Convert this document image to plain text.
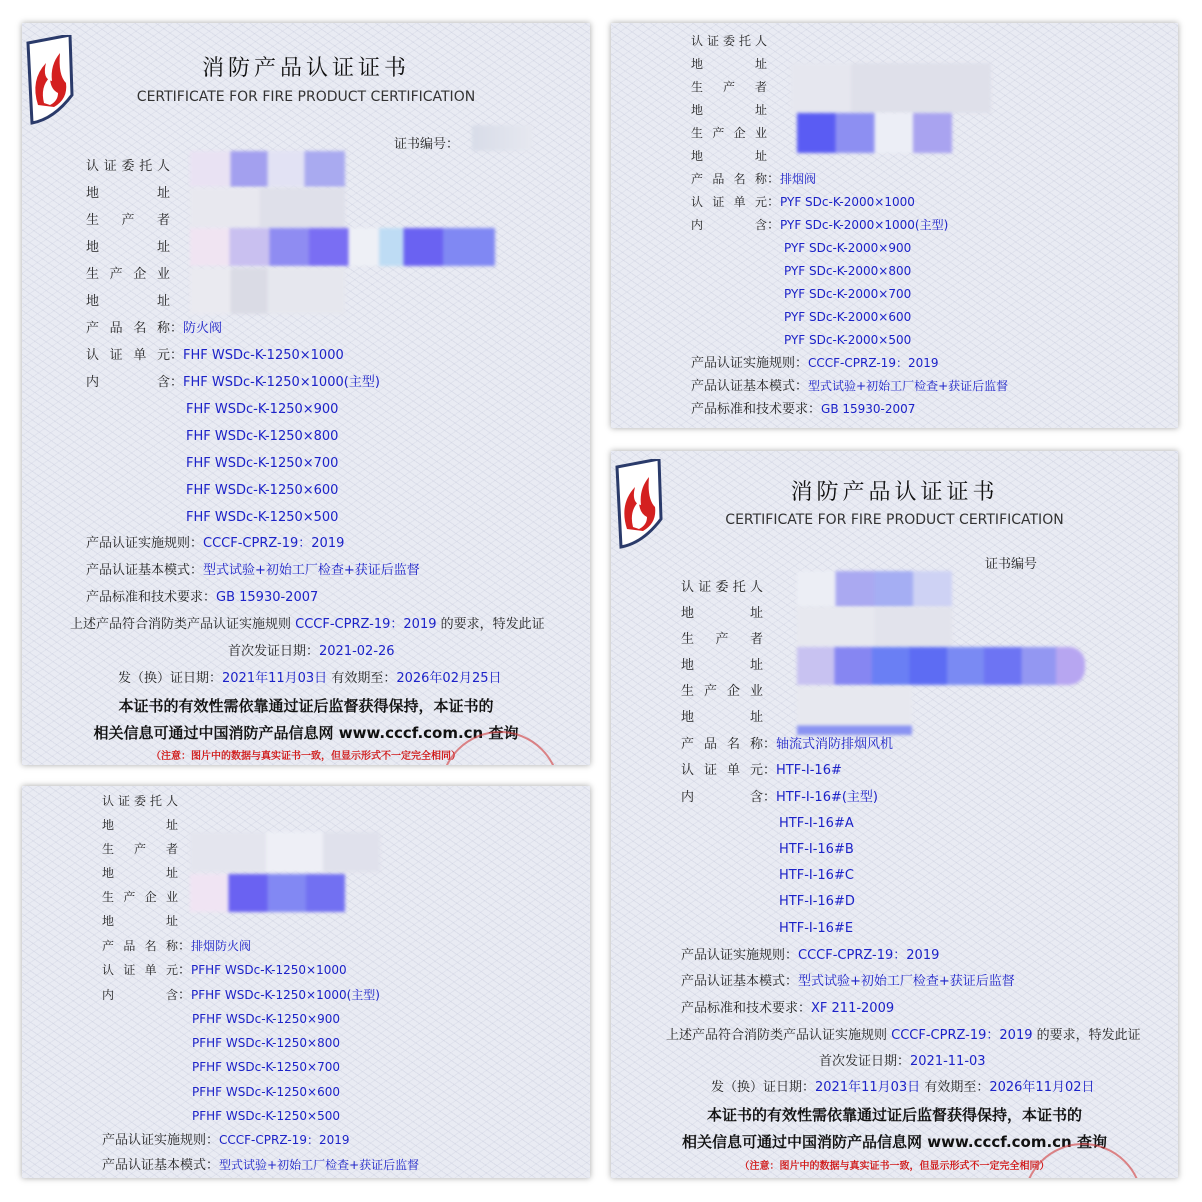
消防产品认证证书
CERTIFICATE FOR FIRE PRODUCT CERTIFICATION
证书编号：
认证委托人
地址
生产者
地址
生产企业
地址
产品名称：防火阀
认证单元：FHF WSDc-K-1250×1000
内含：FHF WSDc-K-1250×1000(主型)
FHF WSDc-K-1250×900
FHF WSDc-K-1250×800
FHF WSDc-K-1250×700
FHF WSDc-K-1250×600
FHF WSDc-K-1250×500
产品认证实施规则：CCCF-CPRZ-19：2019
产品认证基本模式：型式试验+初始工厂检查+获证后监督
产品标准和技术要求：GB 15930-2007
上述产品符合消防类产品认证实施规则 CCCF-CPRZ-19：2019 的要求，特发此证
首次发证日期：2021-02-26
发（换）证日期：2021年11月03日 有效期至：2026年02月25日
本证书的有效性需依靠通过证后监督获得保持，本证书的
相关信息可通过中国消防产品信息网 www.cccf.com.cn 查询
（注意：图片中的数据与真实证书一致，但显示形式不一定完全相同）
认证委托人
地址
生产者
地址
生产企业
地址
产品名称：排烟阀
认证单元：PYF SDc-K-2000×1000
内含：PYF SDc-K-2000×1000(主型)
PYF SDc-K-2000×900
PYF SDc-K-2000×800
PYF SDc-K-2000×700
PYF SDc-K-2000×600
PYF SDc-K-2000×500
产品认证实施规则：CCCF-CPRZ-19：2019
产品认证基本模式：型式试验+初始工厂检查+获证后监督
产品标准和技术要求：GB 15930-2007
认证委托人
地址
生产者
地址
生产企业
地址
产品名称：排烟防火阀
认证单元：PFHF WSDc-K-1250×1000
内含：PFHF WSDc-K-1250×1000(主型)
PFHF WSDc-K-1250×900
PFHF WSDc-K-1250×800
PFHF WSDc-K-1250×700
PFHF WSDc-K-1250×600
PFHF WSDc-K-1250×500
产品认证实施规则：CCCF-CPRZ-19：2019
产品认证基本模式：型式试验+初始工厂检查+获证后监督
消防产品认证证书
CERTIFICATE FOR FIRE PRODUCT CERTIFICATION
证书编号
认证委托人
地址
生产者
地址
生产企业
地址
产品名称：轴流式消防排烟风机
认证单元：HTF-I-16#
内含：HTF-I-16#(主型)
HTF-I-16#A
HTF-I-16#B
HTF-I-16#C
HTF-I-16#D
HTF-I-16#E
产品认证实施规则：CCCF-CPRZ-19：2019
产品认证基本模式：型式试验+初始工厂检查+获证后监督
产品标准和技术要求：XF 211-2009
上述产品符合消防类产品认证实施规则 CCCF-CPRZ-19：2019 的要求，特发此证
首次发证日期：2021-11-03
发（换）证日期：2021年11月03日 有效期至：2026年11月02日
本证书的有效性需依靠通过证后监督获得保持，本证书的
相关信息可通过中国消防产品信息网 www.cccf.com.cn 查询
（注意：图片中的数据与真实证书一致，但显示形式不一定完全相同）
